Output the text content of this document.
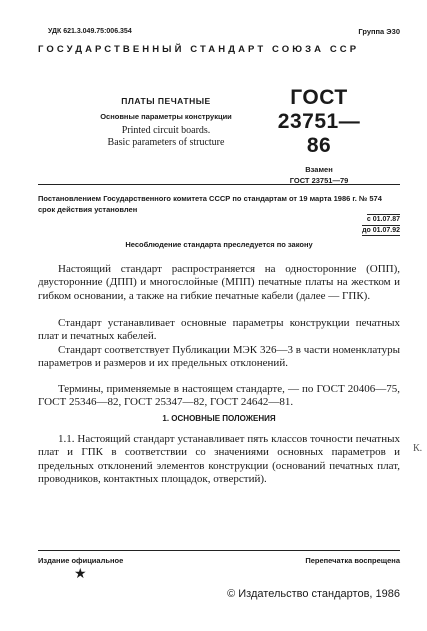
УДК 621.3.049.75:006.354	Группа Э30
ГОСУДАРСТВЕННЫЙ СТАНДАРТ СОЮЗА ССР
ПЛАТЫ ПЕЧАТНЫЕ
Основные параметры конструкции
Printed circuit boards.
Basic parameters of structure
ГОСТ
23751—86
Взамен
ГОСТ 23751—79
Постановлением Государственного комитета СССР по стандартам от 19 марта 1986 г. № 574 срок действия установлен
с 01.07.87
до 01.07.92
Несоблюдение стандарта преследуется по закону
Настоящий стандарт распространяется на односторонние (ОПП), двусторонние (ДПП) и многослойные (МПП) печатные платы на жестком и гибком основании, а также на гибкие печатные кабели (далее — ГПК).
Стандарт устанавливает основные параметры конструкции печатных плат и печатных кабелей.
Стандарт соответствует Публикации МЭК 326—3 в части номенклатуры параметров и размеров и их предельных отклонений.
Термины, применяемые в настоящем стандарте, — по ГОСТ 20406—75, ГОСТ 25346—82, ГОСТ 25347—82, ГОСТ 24642—81.
1. ОСНОВНЫЕ ПОЛОЖЕНИЯ
1.1. Настоящий стандарт устанавливает пять классов точности печатных плат и ГПК в соответствии со значениями основных параметров и предельных отклонений элементов конструкции (оснований печатных плат, проводников, контактных площадок, отверстий).
К.
Издание официальное	Перепечатка воспрещена
★
© Издательство стандартов, 1986
